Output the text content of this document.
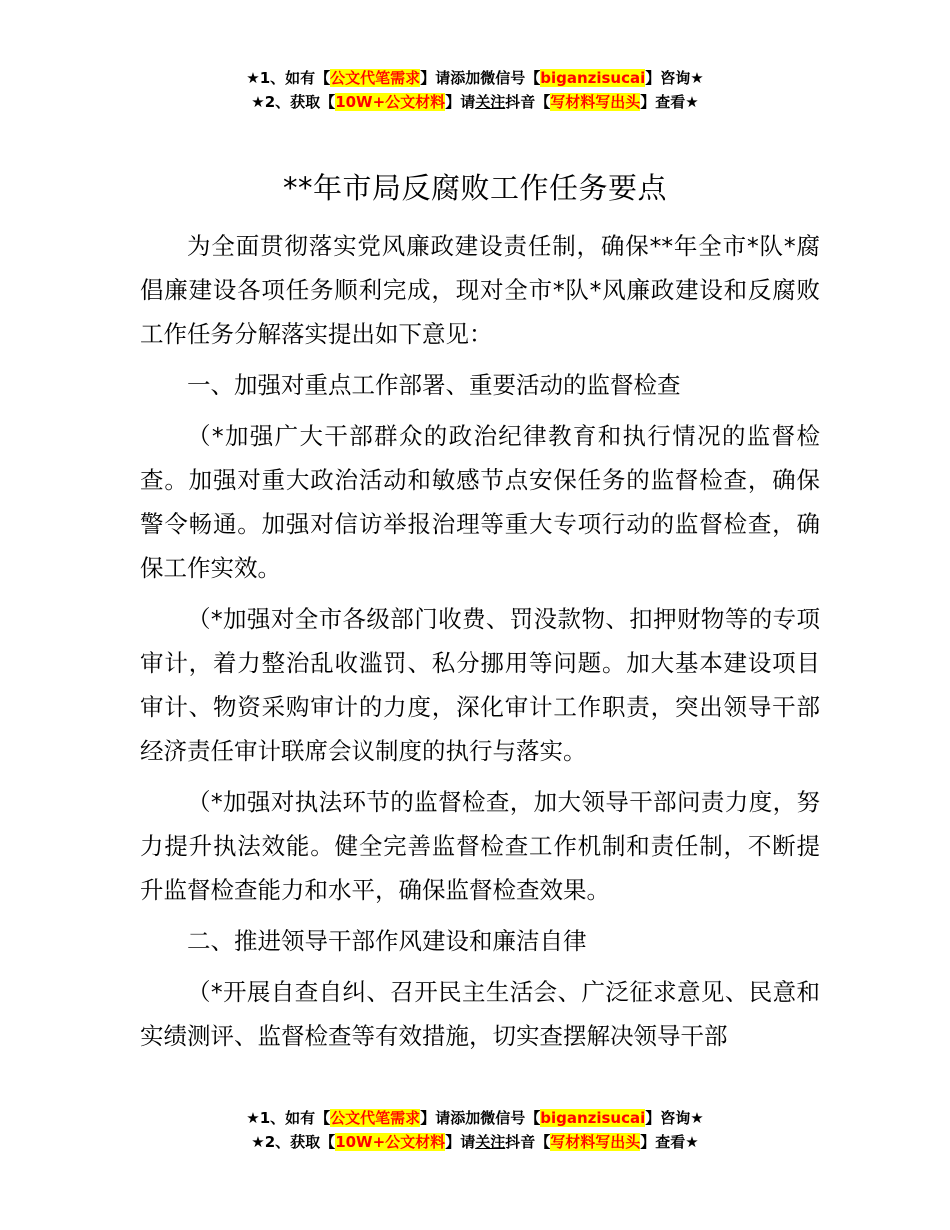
★1、如有【公文代笔需求】请添加微信号【biganzisucai】咨询★
★2、获取【10W+公文材料】请关注抖音【写材料写出头】查看★
**年市局反腐败工作任务要点

为全面贯彻落实党风廉政建设责任制，确保**年全市*队*腐倡廉建设各项任务顺利完成，现对全市*队*风廉政建设和反腐败工作任务分解落实提出如下意见：

一、加强对重点工作部署、重要活动的监督检查

（*加强广大干部群众的政治纪律教育和执行情况的监督检查。加强对重大政治活动和敏感节点安保任务的监督检查，确保警令畅通。加强对信访举报治理等重大专项行动的监督检查，确保工作实效。

（*加强对全市各级部门收费、罚没款物、扣押财物等的专项审计，着力整治乱收滥罚、私分挪用等问题。加大基本建设项目审计、物资采购审计的力度，深化审计工作职责，突出领导干部经济责任审计联席会议制度的执行与落实。

（*加强对执法环节的监督检查，加大领导干部问责力度，努力提升执法效能。健全完善监督检查工作机制和责任制，不断提升监督检查能力和水平，确保监督检查效果。

二、推进领导干部作风建设和廉洁自律

（*开展自查自纠、召开民主生活会、广泛征求意见、民意和实绩测评、监督检查等有效措施，切实查摆解决领导干部

★1、如有【公文代笔需求】请添加微信号【biganzisucai】咨询★
★2、获取【10W+公文材料】请关注抖音【写材料写出头】查看★
